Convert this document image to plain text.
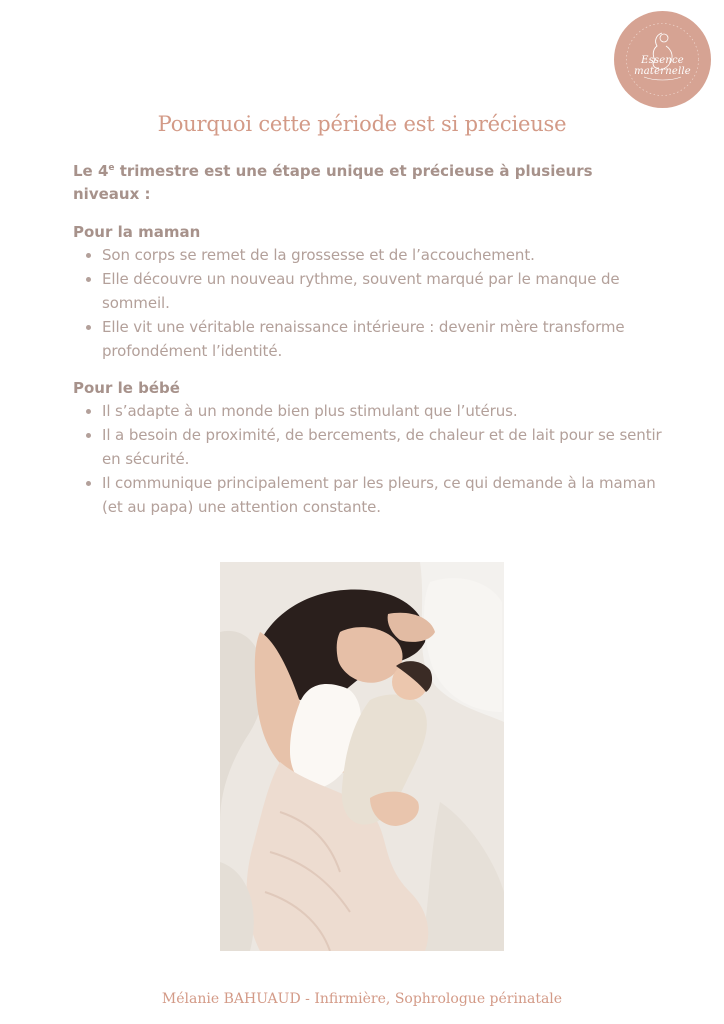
Essence maternelle
Pourquoi cette période est si précieuse

Le 4e trimestre est une étape unique et précieuse à plusieurs niveaux :

Pour la maman
Son corps se remet de la grossesse et de l’accouchement.
Elle découvre un nouveau rythme, souvent marqué par le manque de sommeil.
Elle vit une véritable renaissance intérieure : devenir mère transforme profondément l’identité.
Pour le bébé
Il s’adapte à un monde bien plus stimulant que l’utérus.
Il a besoin de proximité, de bercements, de chaleur et de lait pour se sentir en sécurité.
Il communique principalement par les pleurs, ce qui demande à la maman (et au papa) une attention constante.
Mélanie BAHUAUD - Infirmière, Sophrologue périnatale
